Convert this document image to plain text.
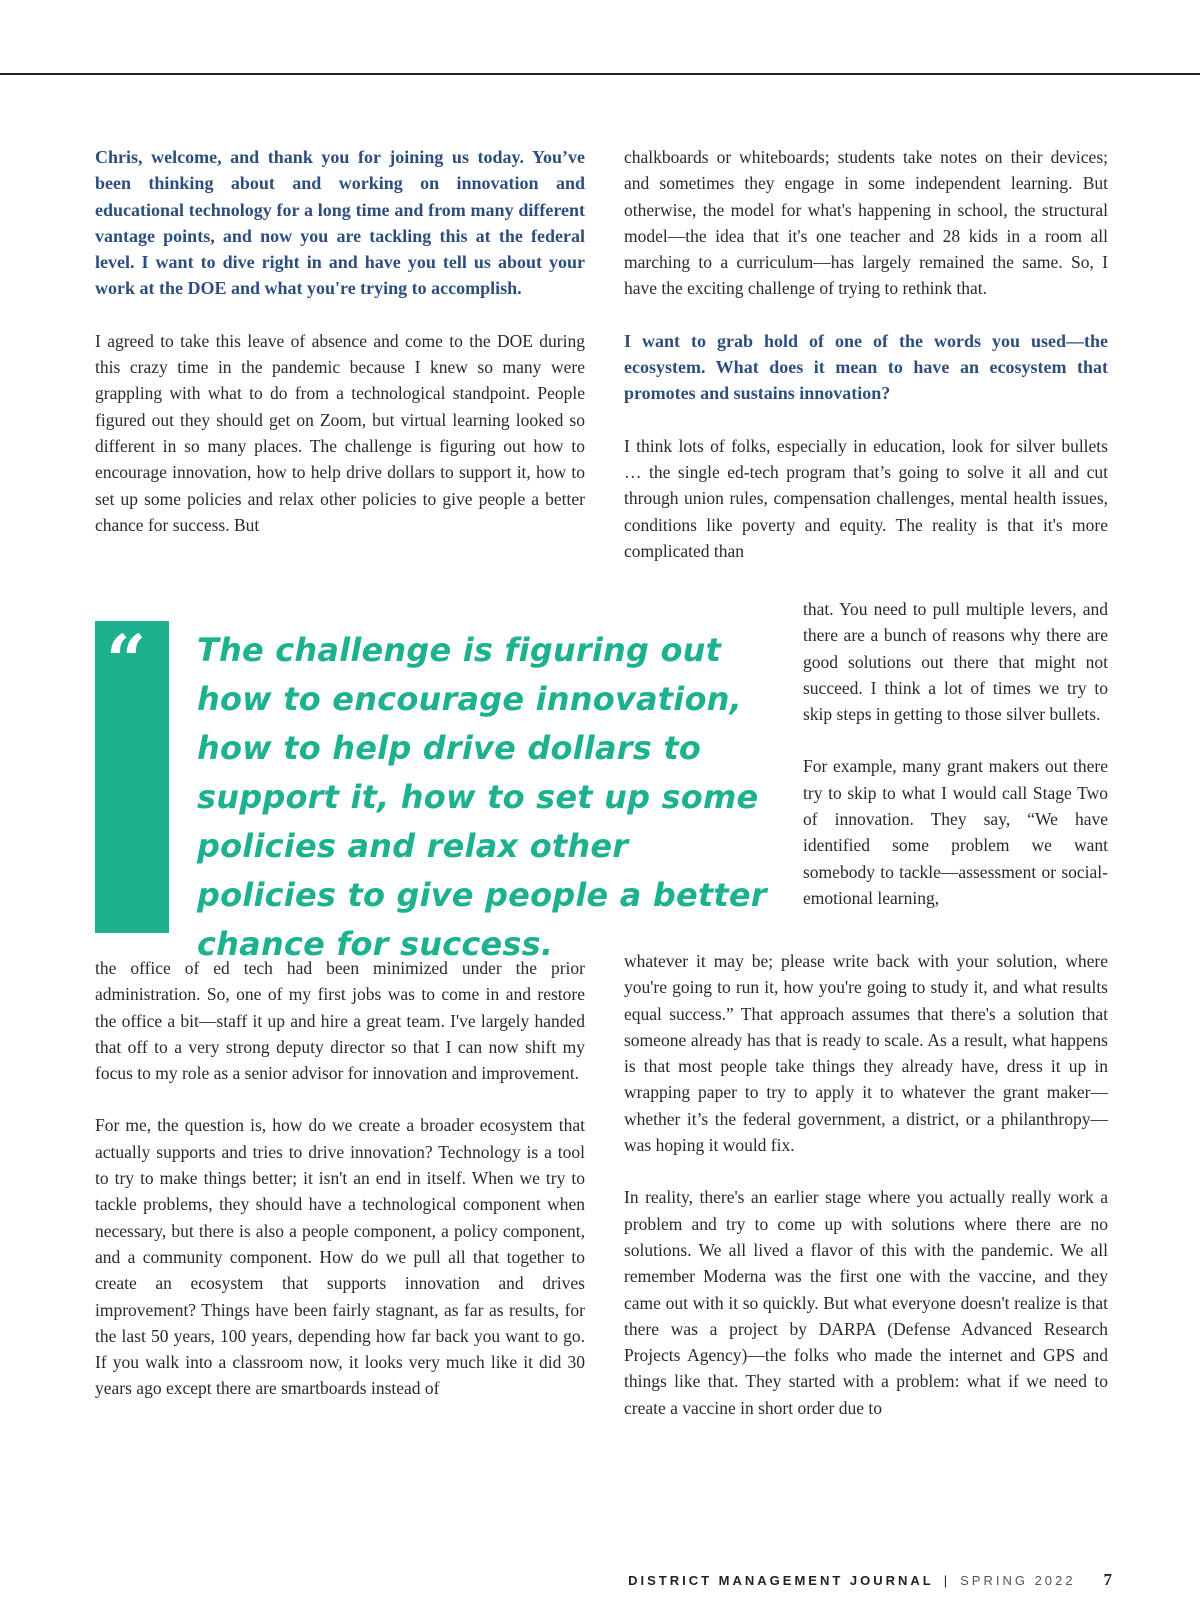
Chris, welcome, and thank you for joining us today. You’ve been thinking about and working on innovation and educational technology for a long time and from many different vantage points, and now you are tackling this at the federal level. I want to dive right in and have you tell us about your work at the DOE and what you're trying to accomplish.

I agreed to take this leave of absence and come to the DOE during this crazy time in the pandemic because I knew so many were grappling with what to do from a technological standpoint. People figured out they should get on Zoom, but virtual learning looked so different in so many places. The challenge is figuring out how to encourage innovation, how to help drive dollars to support it, how to set up some policies and relax other policies to give people a better chance for success. But

“ The challenge is figuring out how to encourage innovation, how to help drive dollars to support it, how to set up some policies and relax other policies to give people a better chance for success.

the office of ed tech had been minimized under the prior administration. So, one of my first jobs was to come in and restore the office a bit—staff it up and hire a great team. I've largely handed that off to a very strong deputy director so that I can now shift my focus to my role as a senior advisor for innovation and improvement.

For me, the question is, how do we create a broader ecosystem that actually supports and tries to drive innovation? Technology is a tool to try to make things better; it isn't an end in itself. When we try to tackle problems, they should have a technological component when necessary, but there is also a people component, a policy component, and a community component. How do we pull all that together to create an ecosystem that supports innovation and drives improvement? Things have been fairly stagnant, as far as results, for the last 50 years, 100 years, depending how far back you want to go. If you walk into a classroom now, it looks very much like it did 30 years ago except there are smartboards instead of

chalkboards or whiteboards; students take notes on their devices; and sometimes they engage in some independent learning. But otherwise, the model for what's happening in school, the structural model—the idea that it's one teacher and 28 kids in a room all marching to a curriculum—has largely remained the same. So, I have the exciting challenge of trying to rethink that.

I want to grab hold of one of the words you used—the ecosystem. What does it mean to have an ecosystem that promotes and sustains innovation?

I think lots of folks, especially in education, look for silver bullets … the single ed-tech program that’s going to solve it all and cut through union rules, compensation challenges, mental health issues, conditions like poverty and equity. The reality is that it's more complicated than

that. You need to pull multiple levers, and there are a bunch of reasons why there are good solutions out there that might not succeed. I think a lot of times we try to skip steps in getting to those silver bullets.

For example, many grant makers out there try to skip to what I would call Stage Two of innovation. They say, “We have identified some problem we want somebody to tackle—assessment or social-emotional learning,

whatever it may be; please write back with your solution, where you're going to run it, how you're going to study it, and what results equal success.” That approach assumes that there's a solution that someone already has that is ready to scale. As a result, what happens is that most people take things they already have, dress it up in wrapping paper to try to apply it to whatever the grant maker—whether it’s the federal government, a district, or a philanthropy—was hoping it would fix.

In reality, there's an earlier stage where you actually really work a problem and try to come up with solutions where there are no solutions. We all lived a flavor of this with the pandemic. We all remember Moderna was the first one with the vaccine, and they came out with it so quickly. But what everyone doesn't realize is that there was a project by DARPA (Defense Advanced Research Projects Agency)—the folks who made the internet and GPS and things like that. They started with a problem: what if we need to create a vaccine in short order due to

DISTRICT MANAGEMENT JOURNAL | SPRING 2022 7
